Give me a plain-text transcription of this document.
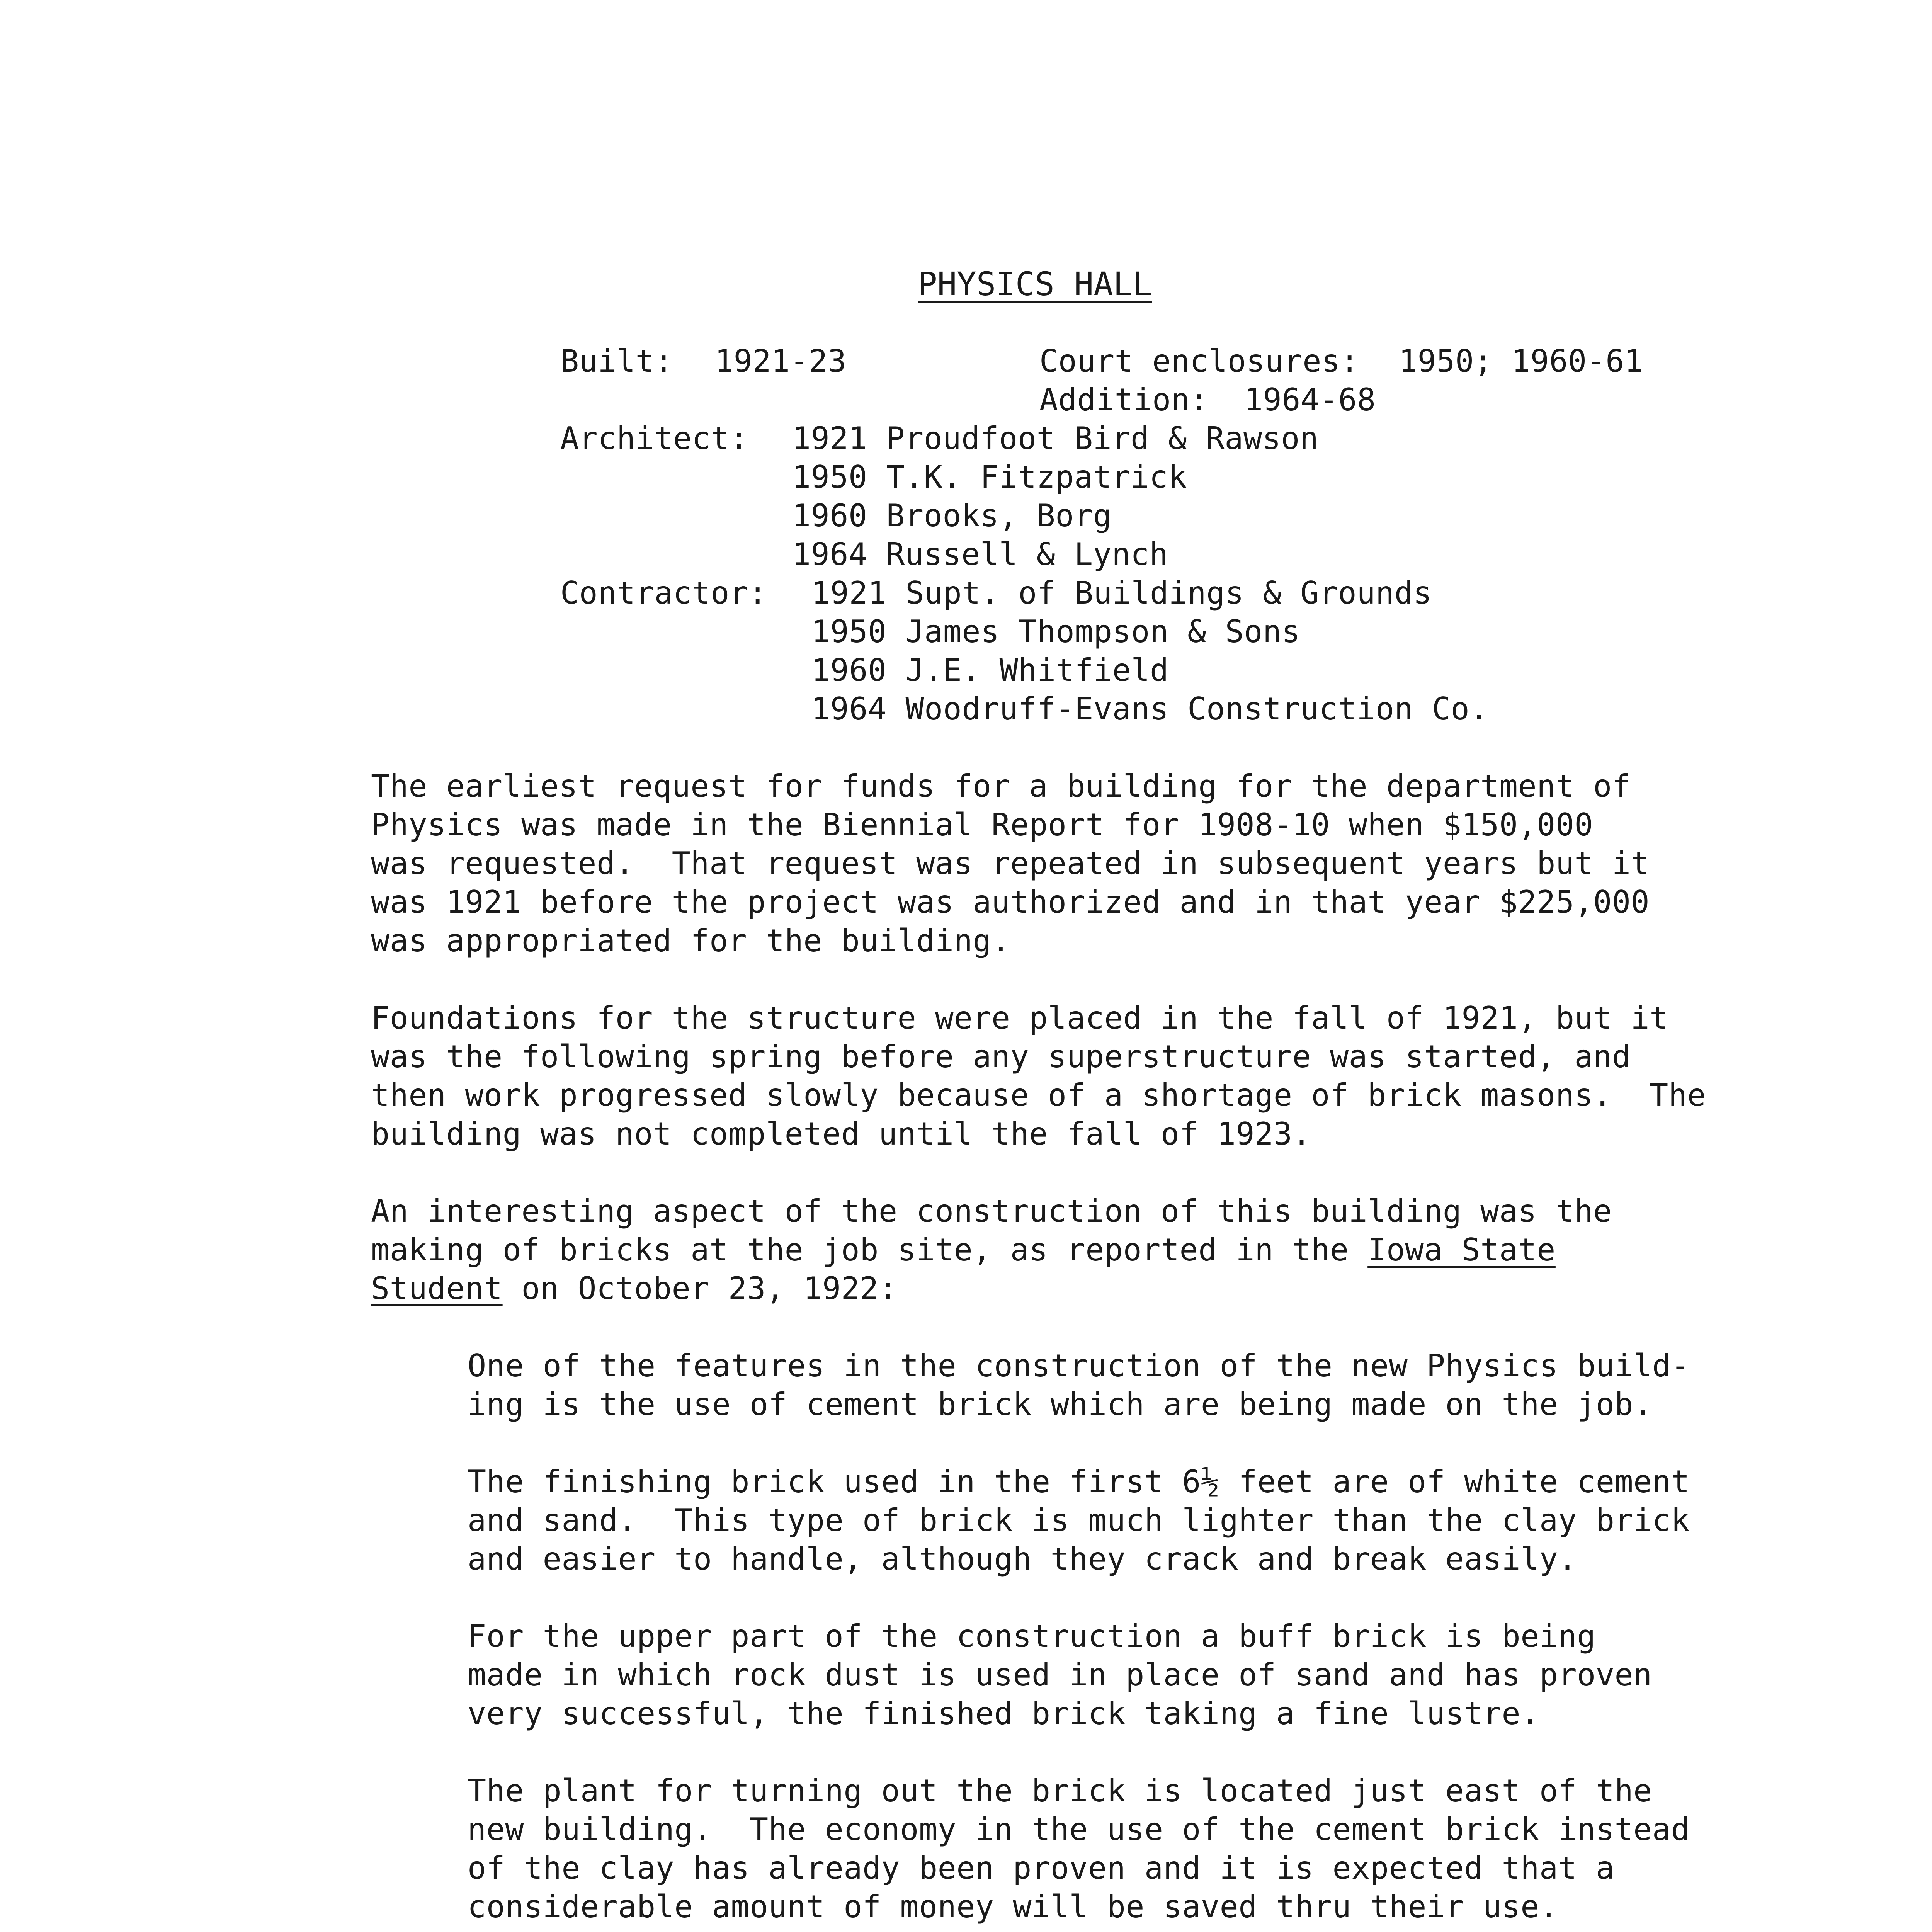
PHYSICS HALL
Built: 1921-23	Court enclosures: 1950; 1960-61
Addition: 1964-68
Architect: 1921 Proudfoot Bird & Rawson
1950 T.K. Fitzpatrick
1960 Brooks, Borg
1964 Russell & Lynch
Contractor: 1921 Supt. of Buildings & Grounds
1950 James Thompson & Sons
1960 J.E. Whitfield
1964 Woodruff-Evans Construction Co.
The earliest request for funds for a building for the department of
Physics was made in the Biennial Report for 1908-10 when $150,000
was requested.  That request was repeated in subsequent years but it
was 1921 before the project was authorized and in that year $225,000
was appropriated for the building.
Foundations for the structure were placed in the fall of 1921, but it
was the following spring before any superstructure was started, and
then work progressed slowly because of a shortage of brick masons.  The
building was not completed until the fall of 1923.
An interesting aspect of the construction of this building was the
making of bricks at the job site, as reported in the Iowa State
Student on October 23, 1922:
One of the features in the construction of the new Physics build-
ing is the use of cement brick which are being made on the job.
The finishing brick used in the first 6½ feet are of white cement
and sand.  This type of brick is much lighter than the clay brick
and easier to handle, although they crack and break easily.
For the upper part of the construction a buff brick is being
made in which rock dust is used in place of sand and has proven
very successful, the finished brick taking a fine lustre.
The plant for turning out the brick is located just east of the
new building.  The economy in the use of the cement brick instead
of the clay has already been proven and it is expected that a
considerable amount of money will be saved thru their use.
